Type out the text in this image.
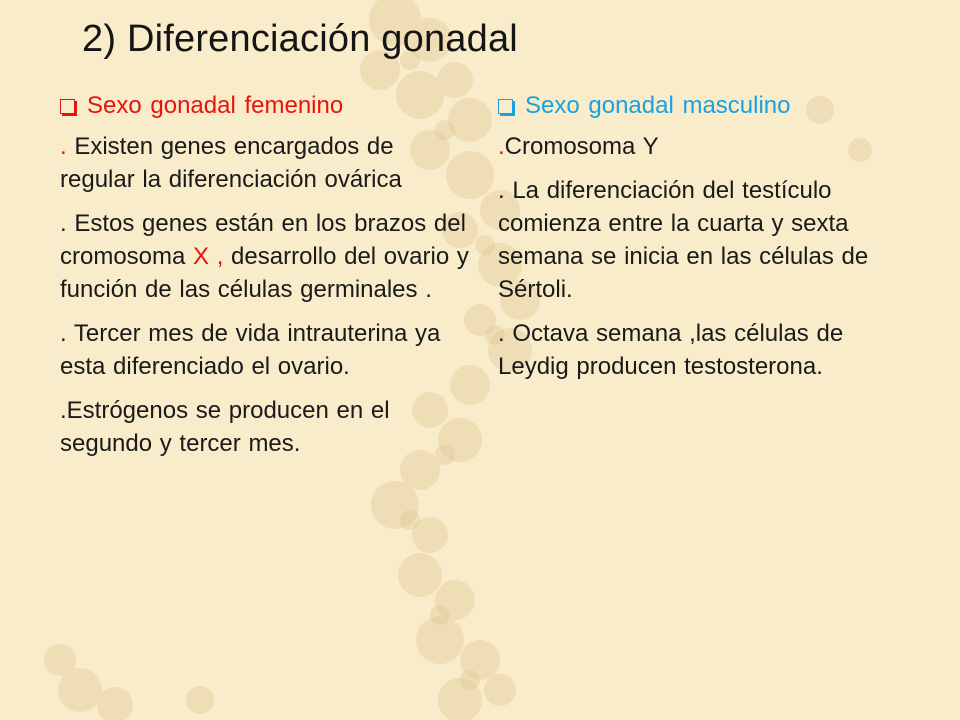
2) Diferenciación gonadal
Sexo gonadal femenino

. Existen genes encargados de regular la diferenciación ovárica

. Estos genes están en los brazos del cromosoma X , desarrollo del ovario y función de las células germinales .

. Tercer mes de vida intrauterina ya esta diferenciado el ovario.

.Estrógenos se producen en el segundo y tercer mes.

Sexo gonadal masculino

.Cromosoma Y

. La diferenciación del testículo comienza entre la cuarta y sexta semana se inicia en las células de Sértoli.

. Octava semana ,las células de Leydig producen testosterona.
